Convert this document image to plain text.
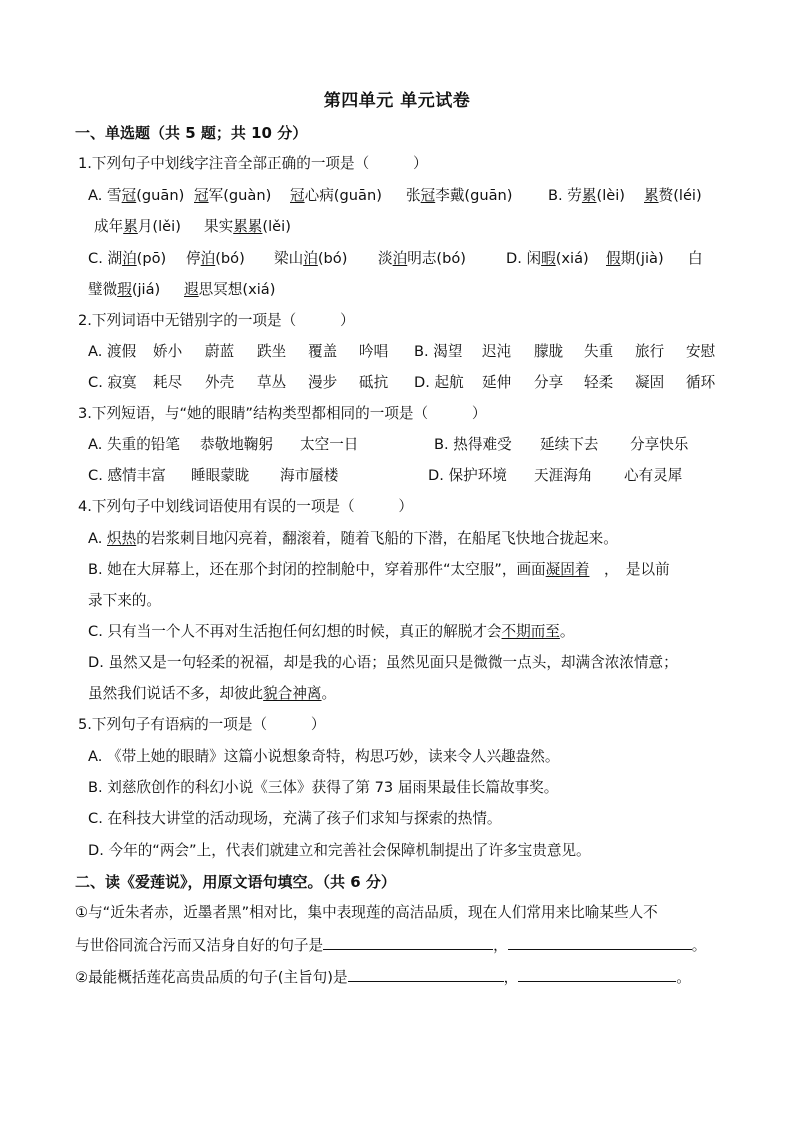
第四单元 单元试卷
一、单选题（共 5 题；共 10 分）
1.下列句子中划线字注音全部正确的一项是（　　　）
A. 雪冠(guān) 冠军(guàn) 冠心病(guān) 张冠李戴(guān) B. 劳累(lèi) 累赘(léi)
成年累月(lěi) 果实累累(lěi)
C. 湖泊(pō) 停泊(bó) 梁山泊(bó) 淡泊明志(bó)	D. 闲暇(xiá) 假期(jià) 白
璧微瑕(jiá) 遐思冥想(xiá)
2.下列词语中无错别字的一项是（　　　）
A. 渡假 娇小 蔚蓝 跌坐 覆盖 吟唱 B. 渴望 迟沌 朦胧 失重 旅行 安慰
C. 寂寞 耗尽 外壳 草丛 漫步 砥抗 D. 起航 延伸 分享 轻柔 凝固 循环
3.下列短语，与“她的眼睛”结构类型都相同的一项是（　　　）
A. 失重的铅笔 恭敬地鞠躬 太空一日	B. 热得难受 延续下去 分享快乐
C. 感情丰富 睡眼蒙眬 海市蜃楼	D. 保护环境 天涯海角 心有灵犀
4.下列句子中划线词语使用有误的一项是（　　　）
A. 炽热的岩浆刺目地闪亮着，翻滚着，随着飞船的下潜，在船尾飞快地合拢起来。
B. 她在大屏幕上，还在那个封闭的控制舱中，穿着那件“太空服”，画面凝固着　，　是以前
录下来的。
C. 只有当一个人不再对生活抱任何幻想的时候，真正的解脱才会不期而至。
D. 虽然又是一句轻柔的祝福，却是我的心语；虽然见面只是微微一点头，却满含浓浓情意；
虽然我们说话不多，却彼此貌合神离。
5.下列句子有语病的一项是（　　　）
A. 《带上她的眼睛》这篇小说想象奇特，构思巧妙，读来令人兴趣盎然。
B. 刘慈欣创作的科幻小说《三体》获得了第 73 届雨果最佳长篇故事奖。
C. 在科技大讲堂的活动现场，充满了孩子们求知与探索的热情。
D. 今年的“两会”上，代表们就建立和完善社会保障机制提出了许多宝贵意见。
二、读《爱莲说》，用原文语句填空。（共 6 分）
①与“近朱者赤，近墨者黑”相对比，集中表现莲的高洁品质，现在人们常用来比喻某些人不
与世俗同流合污而又洁身自好的句子是	，	。
②最能概括莲花高贵品质的句子(主旨句)是	，	。
